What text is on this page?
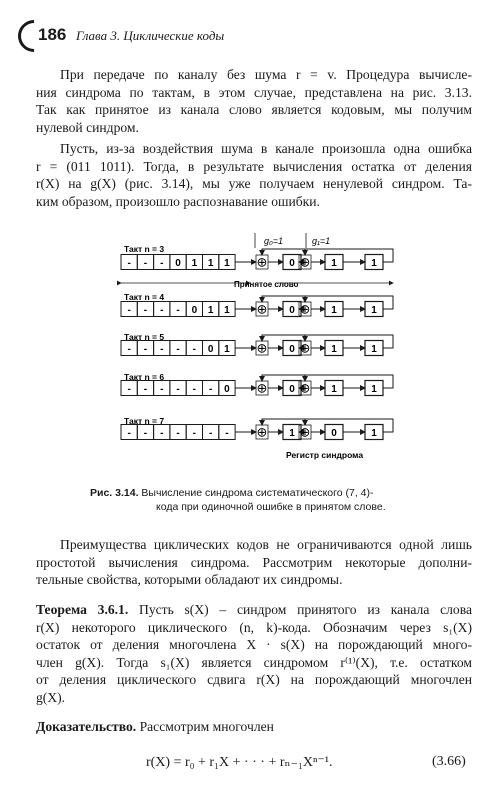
186 Глава 3. Циклические коды
При передаче по каналу без шума r = v. Процедура вычисле-
ния синдрома по тактам, в этом случае, представлена на рис. 3.13.
Так как принятое из канала слово является кодовым, мы получим
нулевой синдром.
Пусть, из-за воздействия шума в канале произошла одна ошибка
r = (011 1011). Тогда, в результате вычисления остатка от деления
r(X) на g(X) (рис. 3.14), мы уже получаем ненулевой синдром. Та-
ким образом, произошло распознавание ошибки.
Такт n = 3
- - - 0 1 1 1 ⊕ 0 ⊕ 1	1
Такт n = 4
- - - - 0 1 1 ⊕ 0 ⊕ 1	1
Такт n = 5
- - - - - 0 1 ⊕ 0 ⊕ 1	1
Такт n = 6
- - - - - - 0 ⊕ 0 ⊕ 1	1
Такт n = 7
- - - - - - - ⊕ 1 ⊕ 0	1
g₀=1	g₁=1
Принятое слово
Регистр синдрома
Рис. 3.14. Вычисление синдрома систематического (7, 4)-
кода при одиночной ошибке в принятом слове.
Преимущества циклических кодов не ограничиваются одной лишь
простотой вычисления синдрома. Рассмотрим некоторые дополни-
тельные свойства, которыми обладают их синдромы.
Теорема 3.6.1. Пусть s(X) – синдром принятого из канала слова
r(X) некоторого циклического (n, k)-кода. Обозначим через s₁(X)
остаток от деления многочлена X · s(X) на порождающий много-
член g(X). Тогда s₁(X) является синдромом r⁽¹⁾(X), т.е. остатком
от деления циклического сдвига r(X) на порождающий многочлен
g(X).
Доказательство. Рассмотрим многочлен
r(X) = r₀ + r₁X + · · · + rₙ₋₁Xⁿ⁻¹.	(3.66)
